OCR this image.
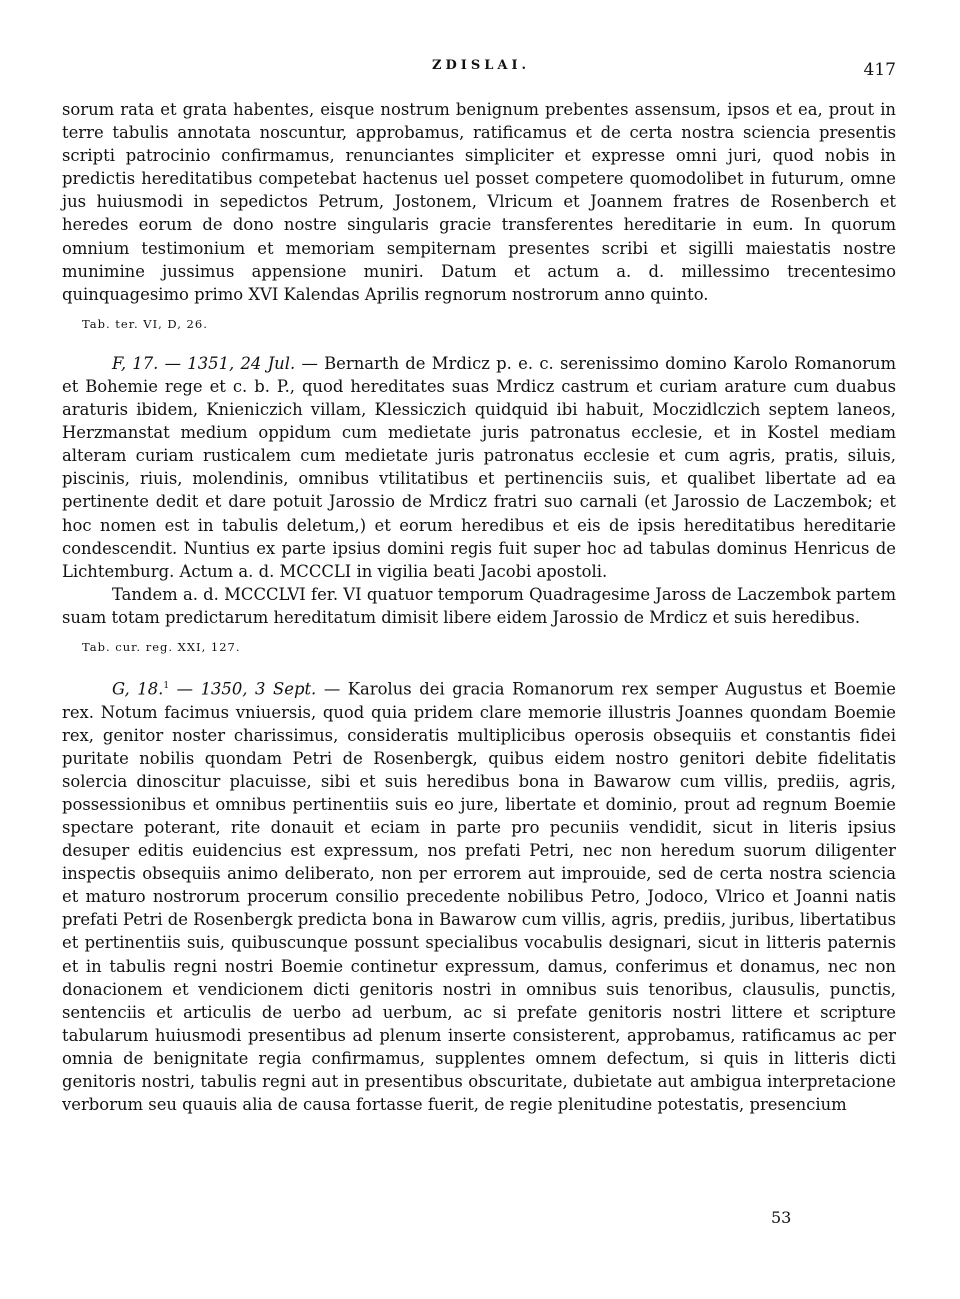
ZDISLAI.	417

sorum rata et grata habentes, eisque nostrum benignum prebentes assensum, ipsos et ea, prout in terre tabulis annotata noscuntur, approbamus, ratificamus et de certa nostra sciencia presentis scripti patrocinio confirmamus, renunciantes simpliciter et expresse omni juri, quod nobis in predictis hereditatibus competebat hactenus uel posset competere quomodolibet in futurum, omne jus huiusmodi in sepedictos Petrum, Jostonem, Vlricum et Joannem fratres de Rosenberch et heredes eorum de dono nostre singularis gracie transferentes hereditarie in eum. In quorum omnium testimonium et memoriam sempiternam presentes scribi et sigilli maiestatis nostre munimine jussimus appensione muniri. Datum et actum a. d. millessimo trecentesimo quinquagesimo primo XVI Kalendas Aprilis regnorum nostrorum anno quinto.

Tab. ter. VI, D, 26.

F, 17. — 1351, 24 Jul. — Bernarth de Mrdicz p. e. c. serenissimo domino Karolo Romanorum et Bohemie rege et c. b. P., quod hereditates suas Mrdicz castrum et curiam arature cum duabus araturis ibidem, Knieniczich villam, Klessiczich quidquid ibi habuit, Moczidlczich septem laneos, Herzmanstat medium oppidum cum medietate juris patronatus ecclesie, et in Kostel mediam alteram curiam rusticalem cum medietate juris patronatus ecclesie et cum agris, pratis, siluis, piscinis, riuis, molendinis, omnibus vtilitatibus et pertinenciis suis, et qualibet libertate ad ea pertinente dedit et dare potuit Jarossio de Mrdicz fratri suo carnali (et Jarossio de Laczembok; et hoc nomen est in tabulis deletum,) et eorum heredibus et eis de ipsis hereditatibus hereditarie condescendit. Nuntius ex parte ipsius domini regis fuit super hoc ad tabulas dominus Henricus de Lichtemburg. Actum a. d. MCCCLI in vigilia beati Jacobi apostoli.

Tandem a. d. MCCCLVI fer. VI quatuor temporum Quadragesime Jaross de Laczembok partem suam totam predictarum hereditatum dimisit libere eidem Jarossio de Mrdicz et suis heredibus.

Tab. cur. reg. XXI, 127.

G, 18.$^1$ — 1350, 3 Sept. — Karolus dei gracia Romanorum rex semper Augustus et Boemie rex. Notum facimus vniuersis, quod quia pridem clare memorie illustris Joannes quondam Boemie rex, genitor noster charissimus, consideratis multiplicibus operosis obsequiis et constantis fidei puritate nobilis quondam Petri de Rosenbergk, quibus eidem nostro genitori debite fidelitatis solercia dinoscitur placuisse, sibi et suis heredibus bona in Bawarow cum villis, prediis, agris, possessionibus et omnibus pertinentiis suis eo jure, libertate et dominio, prout ad regnum Boemie spectare poterant, rite donauit et eciam in parte pro pecuniis vendidit, sicut in literis ipsius desuper editis euidencius est expressum, nos prefati Petri, nec non heredum suorum diligenter inspectis obsequiis animo deliberato, non per errorem aut improuide, sed de certa nostra sciencia et maturo nostrorum procerum consilio precedente nobilibus Petro, Jodoco, Vlrico et Joanni natis prefati Petri de Rosenbergk predicta bona in Bawarow cum villis, agris, prediis, juribus, libertatibus et pertinentiis suis, quibuscunque possunt specialibus vocabulis designari, sicut in litteris paternis et in tabulis regni nostri Boemie continetur expressum, damus, conferimus et donamus, nec non donacionem et vendicionem dicti genitoris nostri in omnibus suis tenoribus, clausulis, punctis, sentenciis et articulis de uerbo ad uerbum, ac si prefate genitoris nostri littere et scripture tabularum huiusmodi presentibus ad plenum inserte consisterent, approbamus, ratificamus ac per omnia de benignitate regia confirmamus, supplentes omnem defectum, si quis in litteris dicti genitoris nostri, tabulis regni aut in presentibus obscuritate, dubietate aut ambigua interpretacione verborum seu quauis alia de causa fortasse fuerit, de regie plenitudine potestatis, presencium

53
